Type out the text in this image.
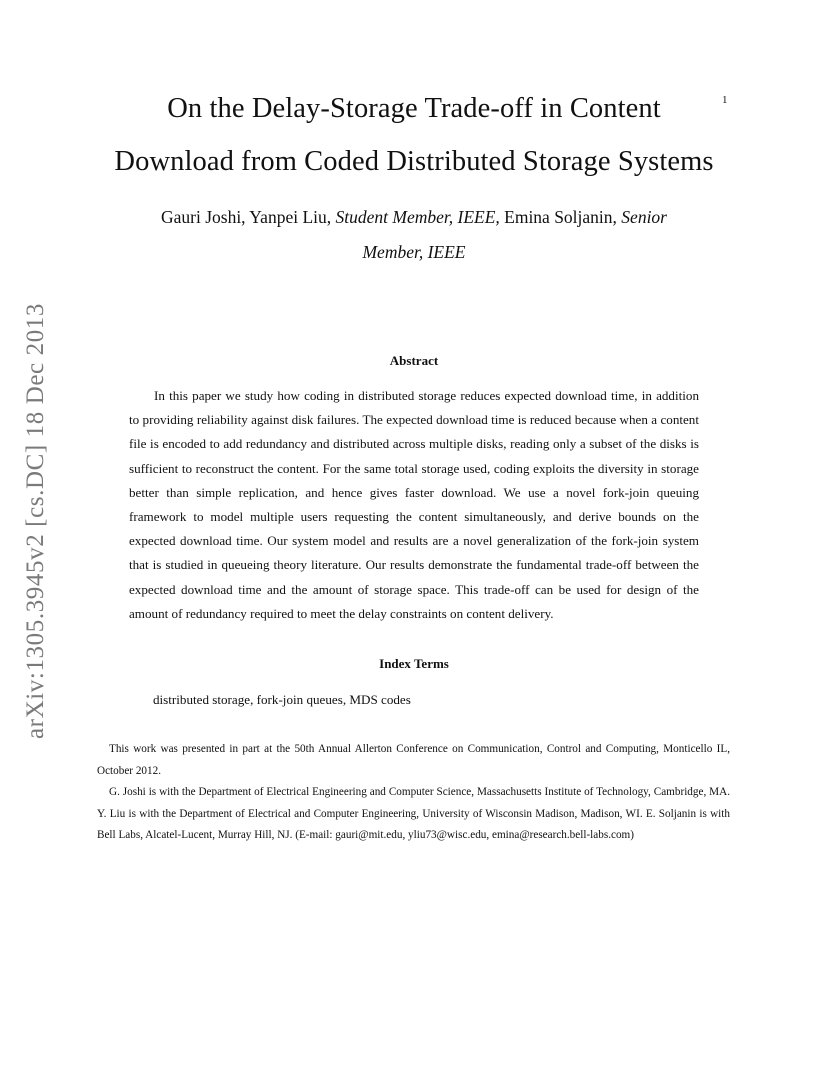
1
On the Delay-Storage Trade-off in Content
Download from Coded Distributed Storage Systems
Gauri Joshi, Yanpei Liu, Student Member, IEEE, Emina Soljanin, Senior
Member, IEEE
arXiv:1305.3945v2 [cs.DC] 18 Dec 2013	Abstract

In this paper we study how coding in distributed storage reduces expected download time, in addition to providing reliability against disk failures. The expected download time is reduced because when a content file is encoded to add redundancy and distributed across multiple disks, reading only a subset of the disks is sufficient to reconstruct the content. For the same total storage used, coding exploits the diversity in storage better than simple replication, and hence gives faster download. We use a novel fork-join queuing framework to model multiple users requesting the content simultaneously, and derive bounds on the expected download time. Our system model and results are a novel generalization of the fork-join system that is studied in queueing theory literature. Our results demonstrate the fundamental trade-off between the expected download time and the amount of storage space. This trade-off can be used for design of the amount of redundancy required to meet the delay constraints on content delivery.

Index Terms

distributed storage, fork-join queues, MDS codes

This work was presented in part at the 50th Annual Allerton Conference on Communication, Control and Computing, Monticello IL, October 2012.

G. Joshi is with the Department of Electrical Engineering and Computer Science, Massachusetts Institute of Technology, Cambridge, MA. Y. Liu is with the Department of Electrical and Computer Engineering, University of Wisconsin Madison, Madison, WI. E. Soljanin is with Bell Labs, Alcatel-Lucent, Murray Hill, NJ. (E-mail: gauri@mit.edu, yliu73@wisc.edu, emina@research.bell-labs.com)
